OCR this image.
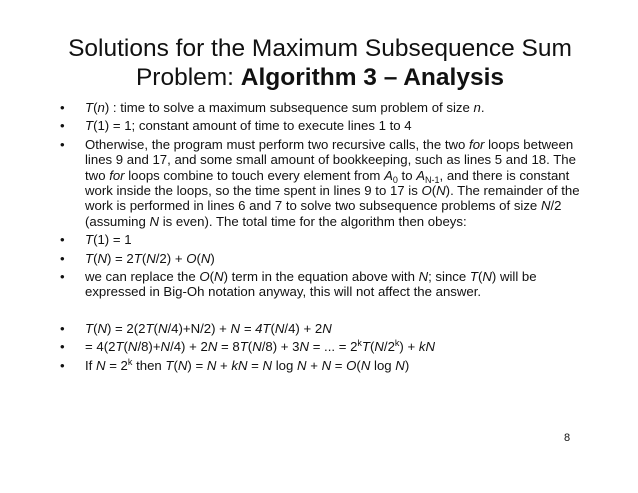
Solutions for the Maximum Subsequence Sum
Problem: Algorithm 3 – Analysis
•	T(n) : time to solve a maximum subsequence sum problem of size n.
•	T(1) = 1; constant amount of time to execute lines 1 to 4
•	Otherwise, the program must perform two recursive calls, the two for loops between lines 9 and 17, and some small amount of bookkeeping, such as lines 5 and 18. The two for loops combine to touch every element from $A_0$ to $A_{N-1}$, and there is constant work inside the loops, so the time spent in lines 9 to 17 is O(N). The remainder of the work is performed in lines 6 and 7 to solve two subsequence problems of size N/2 (assuming N is even). The total time for the algorithm then obeys:
•	T(1) = 1
•	T(N) = 2T(N/2) + O(N)
•	we can replace the O(N) term in the equation above with N; since T(N) will be expressed in Big-Oh notation anyway, this will not affect the answer.
•	T(N) = 2(2T(N/4)+N/2) + N = 4T(N/4) + 2N
•	= 4(2T(N/8)+N/4) + 2N = 8T(N/8) + 3N = ... = $2^kT(N/2^k)$ + kN
•	If $N = 2^k$ then T(N) = N + kN = N log N + N = O(N log N)
8
